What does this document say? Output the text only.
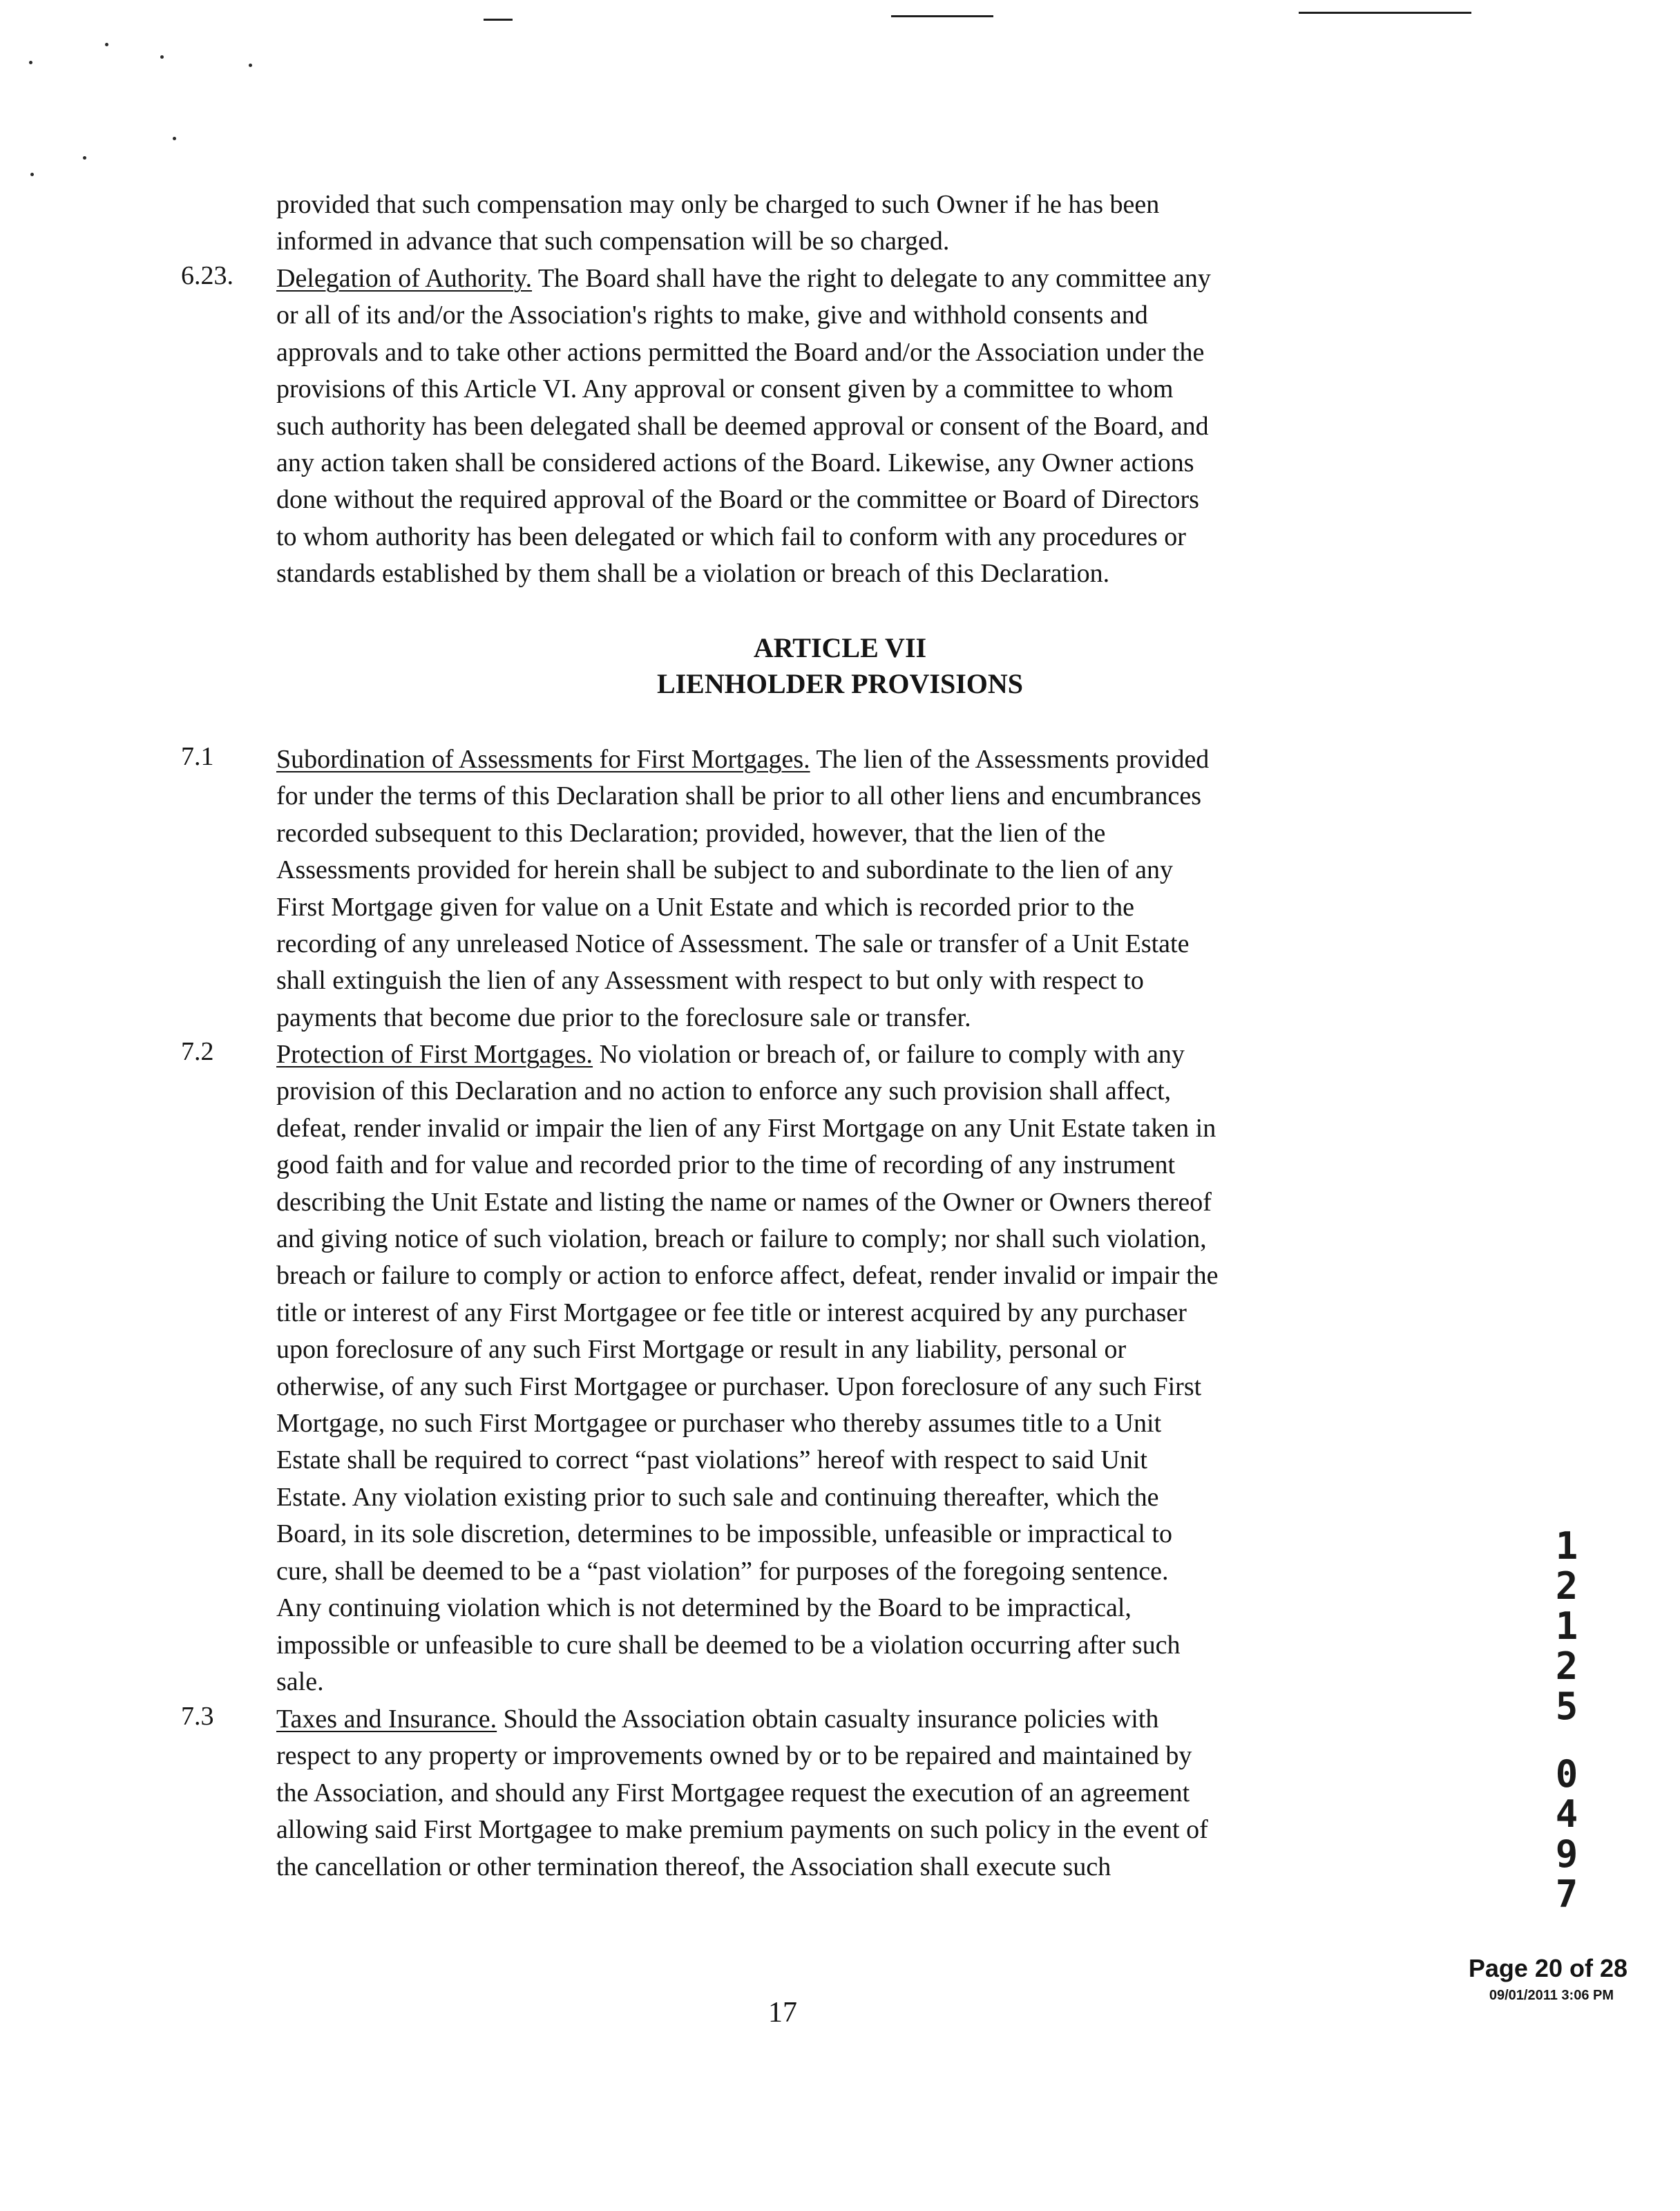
provided that such compensation may only be charged to such Owner if he has been
informed in advance that such compensation will be so charged.
6.23. Delegation of Authority. The Board shall have the right to delegate to any committee any
or all of its and/or the Association's rights to make, give and withhold consents and
approvals and to take other actions permitted the Board and/or the Association under the
provisions of this Article VI. Any approval or consent given by a committee to whom
such authority has been delegated shall be deemed approval or consent of the Board, and
any action taken shall be considered actions of the Board. Likewise, any Owner actions
done without the required approval of the Board or the committee or Board of Directors
to whom authority has been delegated or which fail to conform with any procedures or
standards established by them shall be a violation or breach of this Declaration.
ARTICLE VII
LIENHOLDER PROVISIONS
7.1 Subordination of Assessments for First Mortgages. The lien of the Assessments provided
for under the terms of this Declaration shall be prior to all other liens and encumbrances
recorded subsequent to this Declaration; provided, however, that the lien of the
Assessments provided for herein shall be subject to and subordinate to the lien of any
First Mortgage given for value on a Unit Estate and which is recorded prior to the
recording of any unreleased Notice of Assessment. The sale or transfer of a Unit Estate
shall extinguish the lien of any Assessment with respect to but only with respect to
payments that become due prior to the foreclosure sale or transfer.
7.2 Protection of First Mortgages. No violation or breach of, or failure to comply with any
provision of this Declaration and no action to enforce any such provision shall affect,
defeat, render invalid or impair the lien of any First Mortgage on any Unit Estate taken in
good faith and for value and recorded prior to the time of recording of any instrument
describing the Unit Estate and listing the name or names of the Owner or Owners thereof
and giving notice of such violation, breach or failure to comply; nor shall such violation,
breach or failure to comply or action to enforce affect, defeat, render invalid or impair the
title or interest of any First Mortgagee or fee title or interest acquired by any purchaser
upon foreclosure of any such First Mortgage or result in any liability, personal or
otherwise, of any such First Mortgagee or purchaser. Upon foreclosure of any such First
Mortgage, no such First Mortgagee or purchaser who thereby assumes title to a Unit
Estate shall be required to correct “past violations” hereof with respect to said Unit
Estate. Any violation existing prior to such sale and continuing thereafter, which the
Board, in its sole discretion, determines to be impossible, unfeasible or impractical to
cure, shall be deemed to be a “past violation” for purposes of the foregoing sentence.
Any continuing violation which is not determined by the Board to be impractical,
impossible or unfeasible to cure shall be deemed to be a violation occurring after such
sale.
7.3 Taxes and Insurance. Should the Association obtain casualty insurance policies with
respect to any property or improvements owned by or to be repaired and maintained by
the Association, and should any First Mortgagee request the execution of an agreement
allowing said First Mortgagee to make premium payments on such policy in the event of
the cancellation or other termination thereof, the Association shall execute such
1
2
1
2
5
0
4
9
7
17
Page 20 of 28
09/01/2011 3:06 PM
